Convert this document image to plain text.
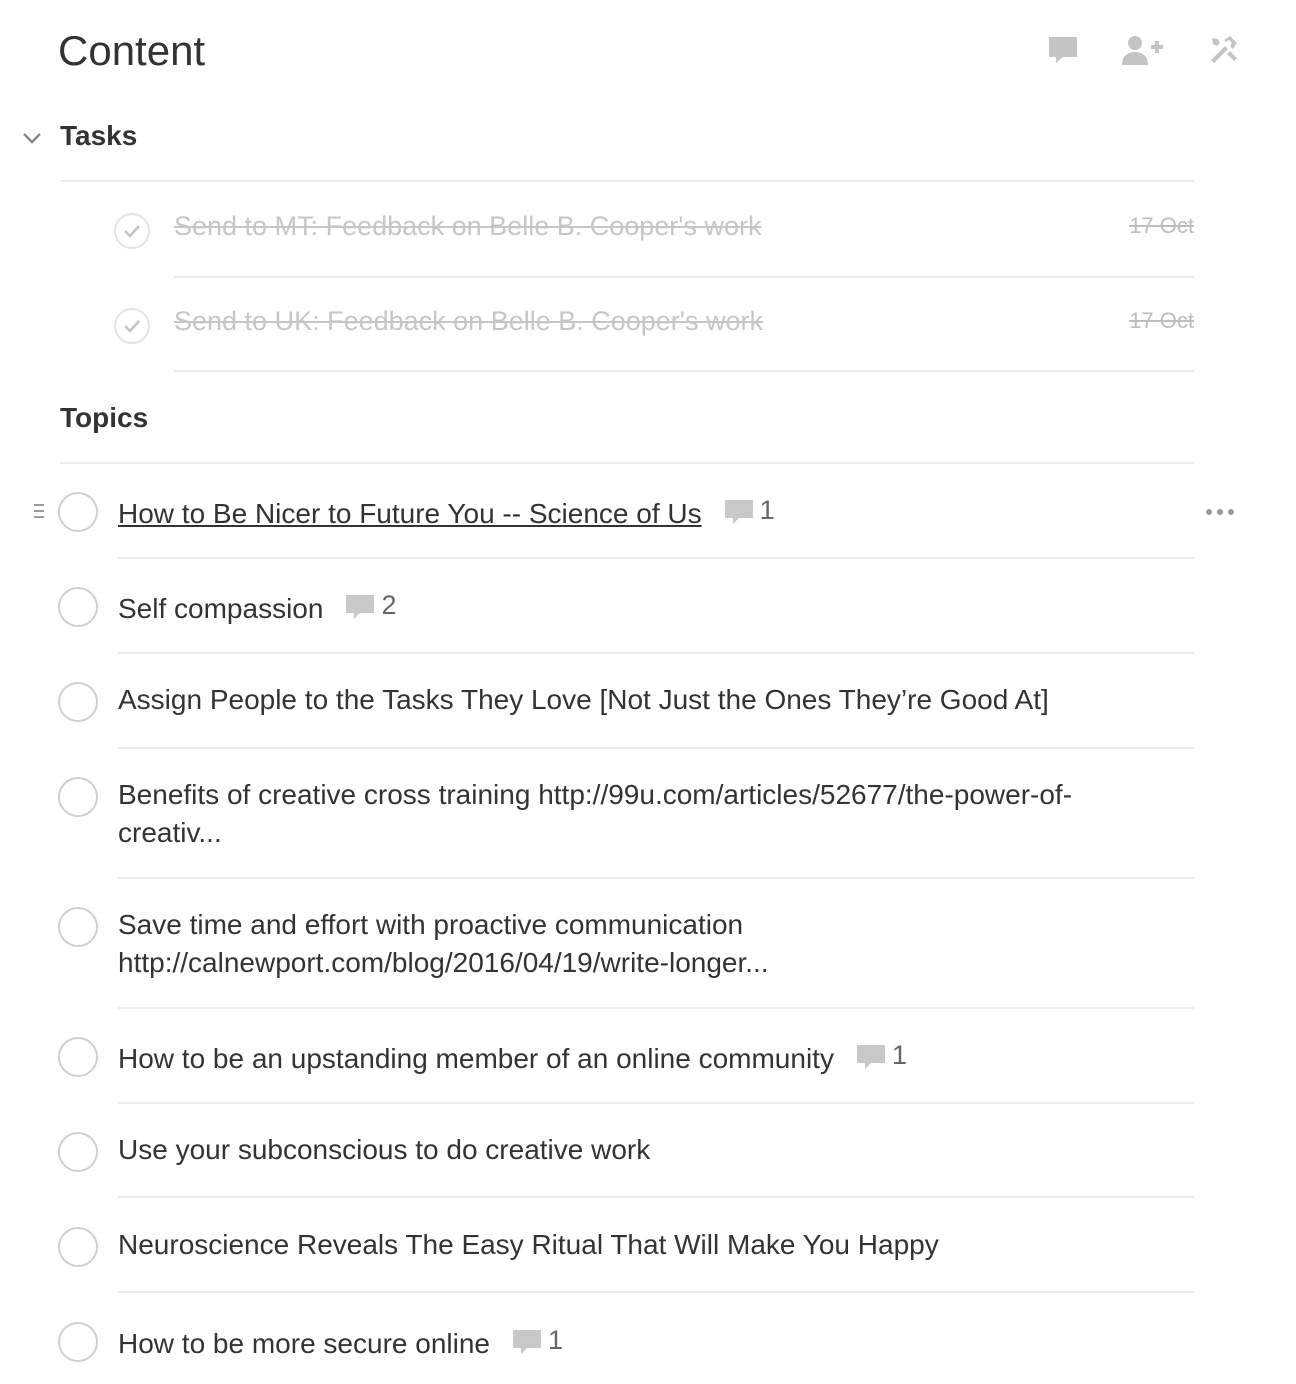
Content
Tasks
Send to MT: Feedback on Belle B. Cooper's work	17 Oct
Send to UK: Feedback on Belle B. Cooper's work	17 Oct
Topics
How to Be Nicer to Future You -- Science of Us 1
Self compassion 2
Assign People to the Tasks They Love [Not Just the Ones They’re Good At]
Benefits of creative cross training http://99u.com/articles/52677/the-power-of-creativ...
Save time and effort with proactive communication http://calnewport.com/blog/2016/04/19/write-longer...
How to be an upstanding member of an online community 1
Use your subconscious to do creative work
Neuroscience Reveals The Easy Ritual That Will Make You Happy
How to be more secure online 1
